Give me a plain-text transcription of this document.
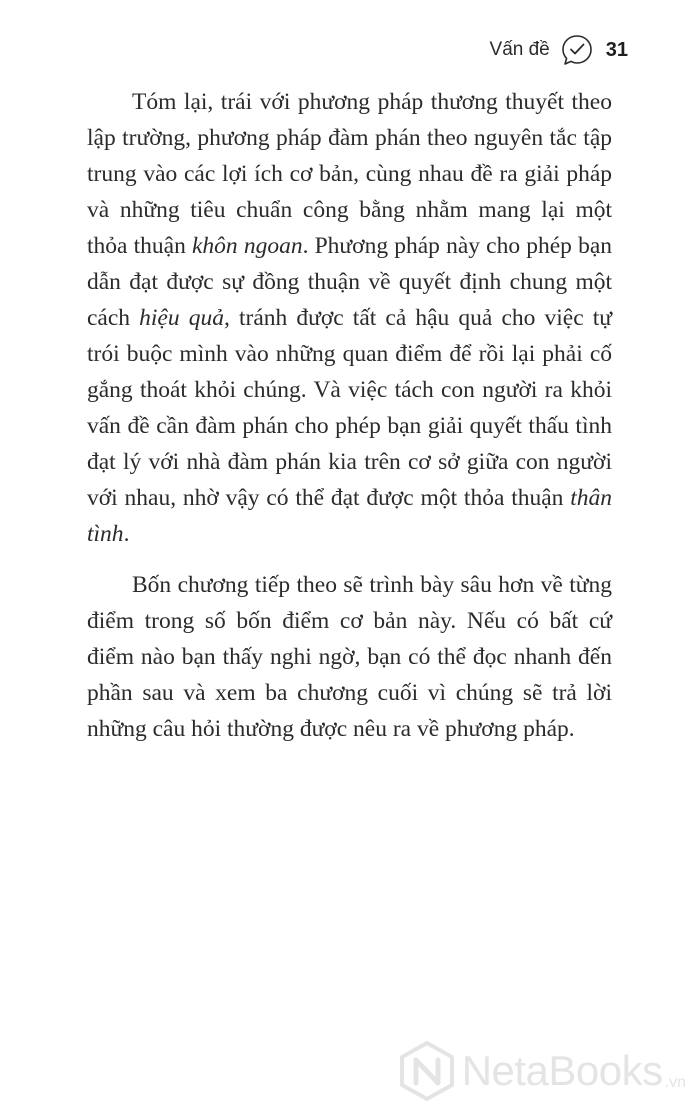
Vấn đề	31

Tóm lại, trái với phương pháp thương thuyết theo lập trường, phương pháp đàm phán theo nguyên tắc tập trung vào các lợi ích cơ bản, cùng nhau đề ra giải pháp và những tiêu chuẩn công bằng nhằm mang lại một thỏa thuận khôn ngoan. Phương pháp này cho phép bạn dẫn đạt được sự đồng thuận về quyết định chung một cách hiệu quả, tránh được tất cả hậu quả cho việc tự trói buộc mình vào những quan điểm để rồi lại phải cố gắng thoát khỏi chúng. Và việc tách con người ra khỏi vấn đề cần đàm phán cho phép bạn giải quyết thấu tình đạt lý với nhà đàm phán kia trên cơ sở giữa con người với nhau, nhờ vậy có thể đạt được một thỏa thuận thân tình.

Bốn chương tiếp theo sẽ trình bày sâu hơn về từng điểm trong số bốn điểm cơ bản này. Nếu có bất cứ điểm nào bạn thấy nghi ngờ, bạn có thể đọc nhanh đến phần sau và xem ba chương cuối vì chúng sẽ trả lời những câu hỏi thường được nêu ra về phương pháp.

NetaBooks .vn
